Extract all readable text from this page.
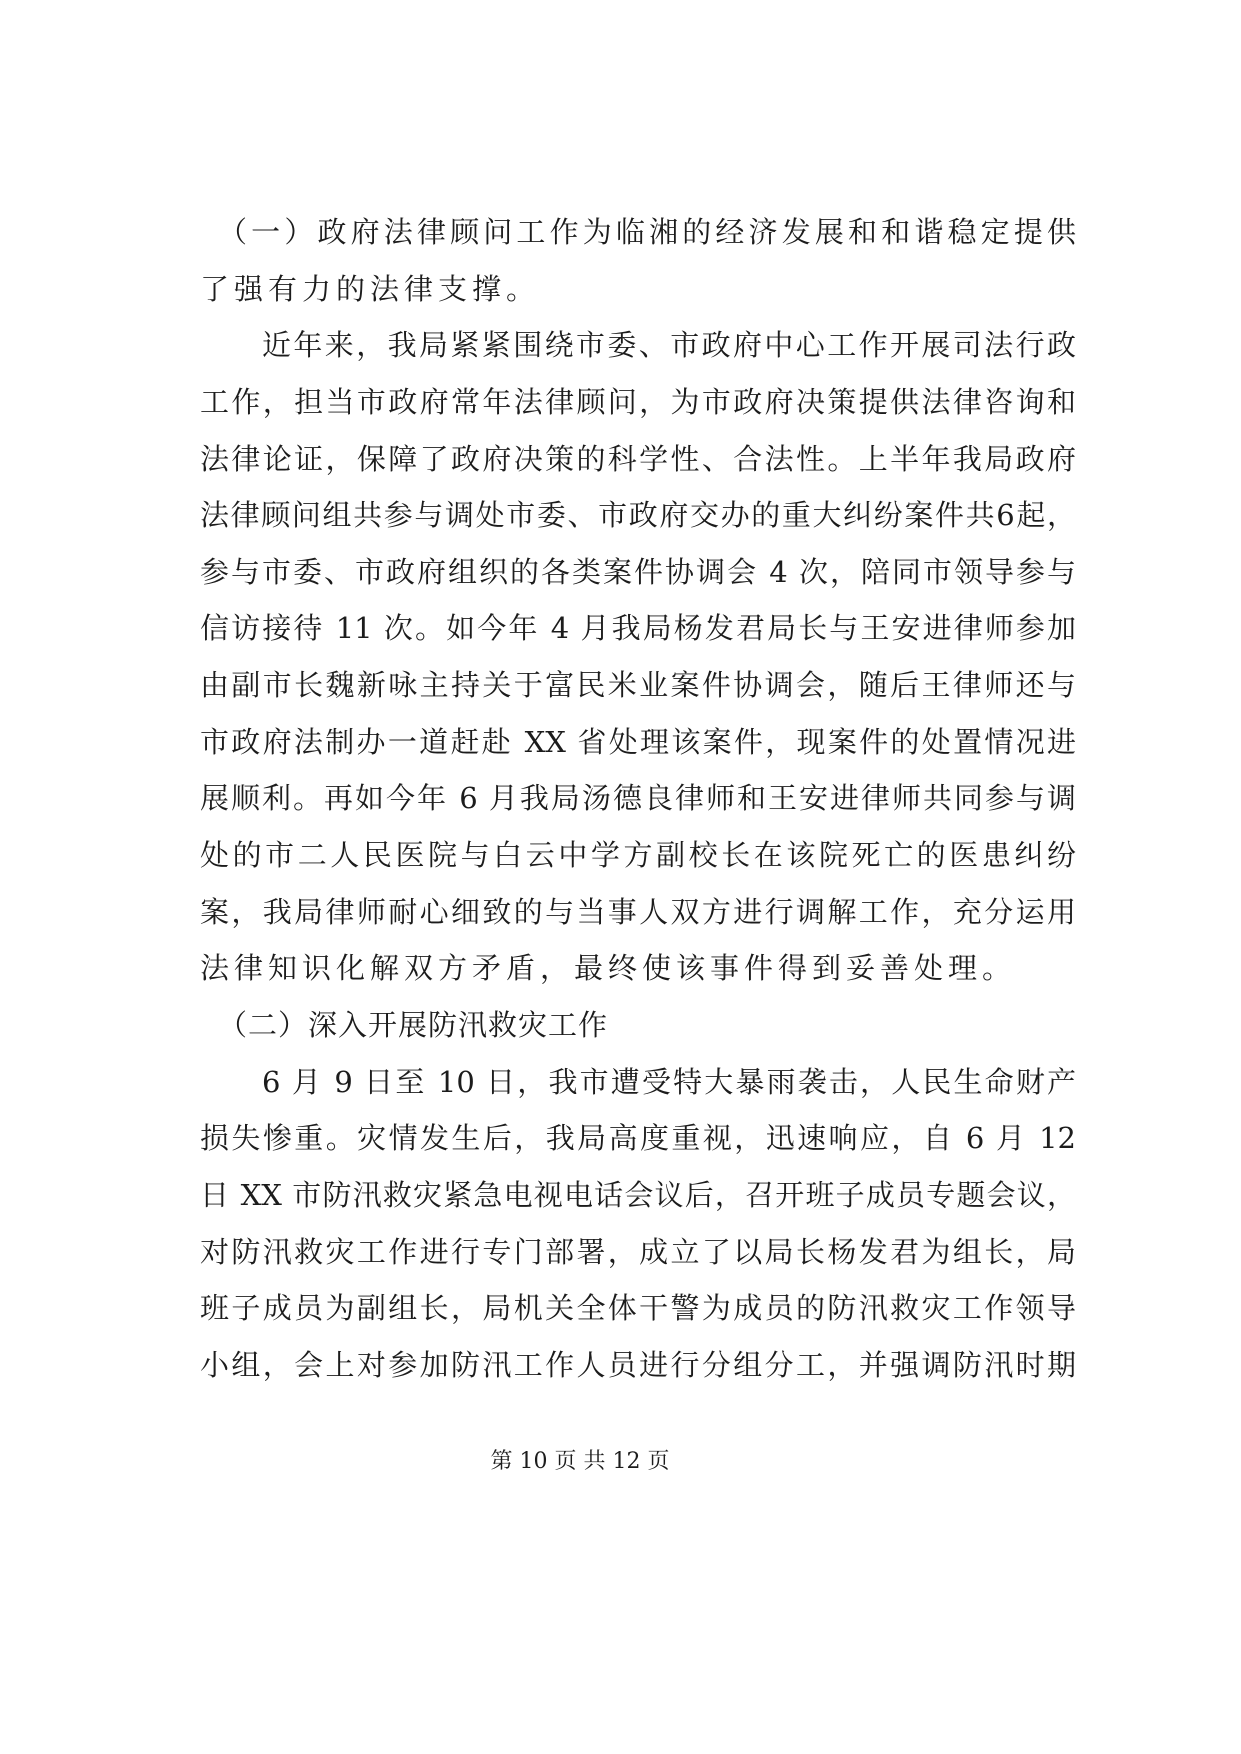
（一）政府法律顾问工作为临湘的经济发展和和谐稳定提供
了强有力的法律支撑。
近年来，我局紧紧围绕市委、市政府中心工作开展司法行政
工作，担当市政府常年法律顾问，为市政府决策提供法律咨询和
法律论证，保障了政府决策的科学性、合法性。上半年我局政府
法律顾问组共参与调处市委、市政府交办的重大纠纷案件共6起，
参与市委、市政府组织的各类案件协调会 4 次，陪同市领导参与
信访接待 11 次。如今年 4 月我局杨发君局长与王安进律师参加
由副市长魏新咏主持关于富民米业案件协调会，随后王律师还与
市政府法制办一道赶赴 XX 省处理该案件，现案件的处置情况进
展顺利。再如今年 6 月我局汤德良律师和王安进律师共同参与调
处的市二人民医院与白云中学方副校长在该院死亡的医患纠纷
案，我局律师耐心细致的与当事人双方进行调解工作，充分运用
法律知识化解双方矛盾，最终使该事件得到妥善处理。
（二）深入开展防汛救灾工作
6 月 9 日至 10 日，我市遭受特大暴雨袭击，人民生命财产
损失惨重。灾情发生后，我局高度重视，迅速响应，自 6 月 12
日 XX 市防汛救灾紧急电视电话会议后，召开班子成员专题会议，
对防汛救灾工作进行专门部署，成立了以局长杨发君为组长，局
班子成员为副组长，局机关全体干警为成员的防汛救灾工作领导
小组，会上对参加防汛工作人员进行分组分工，并强调防汛时期
第 10 页 共 12 页
